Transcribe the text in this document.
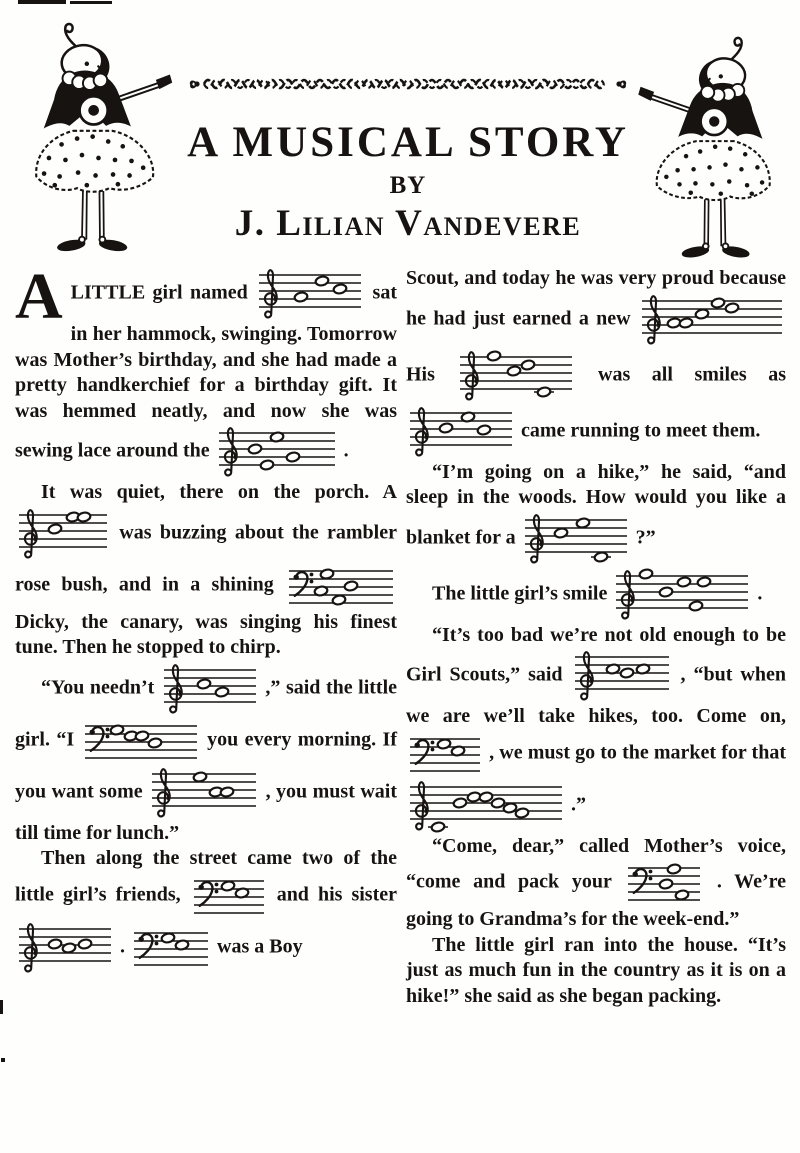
A MUSICAL STORY
BY
J. Lilian Vandevere

ALITTLE girl named	sat in her hammock, swinging. Tomorrow was Mother’s birthday, and she had made a pretty handkerchief for a birthday gift. It was hemmed neatly, and now she was sewing lace around the	.

It was quiet, there on the porch. A
was buzzing about the rambler rose bush, and in a shining
Dicky, the canary, was singing his finest tune. Then he stopped to chirp.

“You needn’t	,” said the little girl. “I	you every morning. If you want some	, you must wait till time for lunch.”

Then along the street came two of the little girl’s friends,	and his sister
.	was a Boy

Scout, and today he was very proud because he had just earned a new
His	was all smiles as
came running to meet them.

“I’m going on a hike,” he said, “and sleep in the woods. How would you like a blanket for a	?”

The little girl’s smile	.

“It’s too bad we’re not old enough to be Girl Scouts,” said	, “but when we are we’ll take hikes, too. Come on,
, we must go to the market for that
.”

“Come, dear,” called Mother’s voice, “come and pack your	. We’re going to Grandma’s for the week-end.”

The little girl ran into the house. “It’s just as much fun in the country as it is on a hike!” she said as she began packing.
